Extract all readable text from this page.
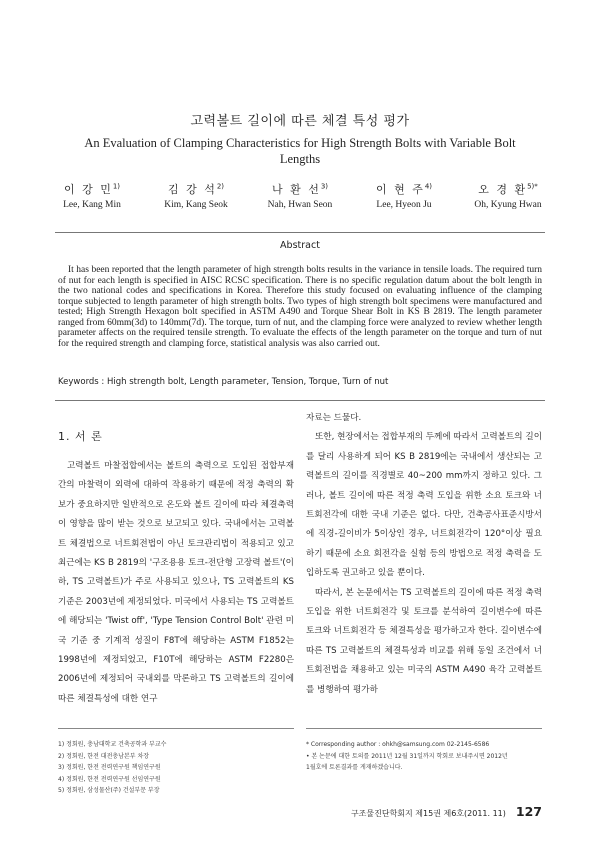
고력볼트 길이에 따른 체결 특성 평가
An Evaluation of Clamping Characteristics for High Strength Bolts with Variable Bolt Lengths
이 강 민$^{1)}$
Lee, Kang Min
김 강 석$^{2)}$
Kim, Kang Seok
나 환 선$^{3)}$
Nah, Hwan Seon
이 현 주$^{4)}$
Lee, Hyeon Ju
오 경 환$^{5)*}$
Oh, Kyung Hwan
Abstract

It has been reported that the length parameter of high strength bolts results in the variance in tensile loads. The required turn of nut for each length is specified in AISC RCSC specification. There is no specific regulation datum about the bolt length in the two national codes and specifications in Korea. Therefore this study focused on evaluating influence of the clamping torque subjected to length parameter of high strength bolts. Two types of high strength bolt specimens were manufactured and tested; High Strength Hexagon bolt specified in ASTM A490 and Torque Shear Bolt in KS B 2819. The length parameter ranged from 60mm(3d) to 140mm(7d). The torque, turn of nut, and the clamping force were analyzed to review whether length parameter affects on the required tensile strength. To evaluate the effects of the length parameter on the torque and turn of nut for the required strength and clamping force, statistical analysis was also carried out.

Keywords : High strength bolt, Length parameter, Tension, Torque, Turn of nut
1. 서 론

고력볼트 마찰접합에서는 볼트의 축력으로 도입된 접합부재 간의 마찰력이 외력에 대하여 작용하기 때문에 적정 축력의 확보가 중요하지만 일반적으로 온도와 볼트 길이에 따라 체결축력이 영향을 많이 받는 것으로 보고되고 있다. 국내에서는 고력볼트 체결법으로 너트회전법이 아닌 토크관리법이 적용되고 있고 최근에는 KS B 2819의 '구조용용 토크-전단형 고장력 볼트'(이하, TS 고력볼트)가 주로 사용되고 있으나, TS 고력볼트의 KS 기준은 2003년에 제정되었다. 미국에서 사용되는 TS 고력볼트에 해당되는 'Twist off', 'Type Tension Control Bolt' 관련 미국 기준 중 기계적 성질이 F8T에 해당하는 ASTM F1852는 1998년에 제정되었고, F10T에 해당하는 ASTM F2280은 2006년에 제정되어 국내외를 막론하고 TS 고력볼트의 길이에 따른 체결특성에 대한 연구

자료는 드물다.

또한, 현장에서는 접합부재의 두께에 따라서 고력볼트의 길이를 달리 사용하게 되어 KS B 2819에는 국내에서 생산되는 고력볼트의 길이를 직경별로 40~200 mm까지 정하고 있다. 그러나, 볼트 길이에 따른 적정 축력 도입을 위한 소요 토크와 너트회전각에 대한 국내 기준은 없다. 다만, 건축공사표준시방서에 직경-길이비가 5이상인 경우, 너트회전각이 120°이상 필요하기 때문에 소요 회전각을 실험 등의 방법으로 적정 축력을 도입하도록 권고하고 있을 뿐이다.

따라서, 본 논문에서는 TS 고력볼트의 길이에 따른 적정 축력 도입을 위한 너트회전각 및 토크를 분석하여 길이변수에 따른 토크와 너트회전각 등 체결특성을 평가하고자 한다. 길이변수에 따른 TS 고력볼트의 체결특성과 비교를 위해 동일 조건에서 너트회전법을 채용하고 있는 미국의 ASTM A490 육각 고력볼트를 병행하여 평가하

1) 정회원, 충남대학교 건축공학과 부교수
2) 정회원, 한전 대전충남본부 차장
3) 정회원, 한전 전력연구원 책임연구원
4) 정회원, 한전 전력연구원 선임연구원
5) 정회원, 삼성물산(주) 건설부문 부장
* Corresponding author : ohkh@samsung.com 02-2145-6586
• 본 논문에 대한 토의를 2011년 12월 31일까지 학회로 보내주시면 2012년
1월호에 토론결과를 게재하겠습니다.
구조물진단학회지 제15권 제6호(2011. 11) 127
